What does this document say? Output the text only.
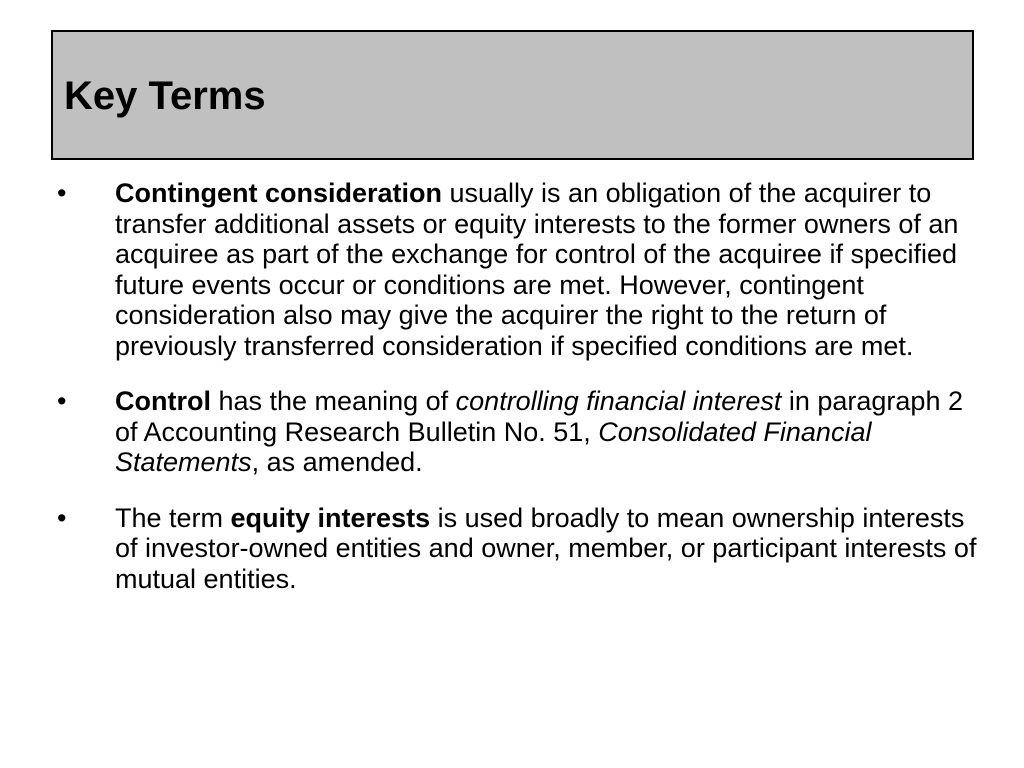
Key Terms
•	Contingent consideration usually is an obligation of the acquirer to transfer additional assets or equity interests to the former owners of an acquiree as part of the exchange for control of the acquiree if specified future events occur or conditions are met. However, contingent consideration also may give the acquirer the right to the return of previously transferred consideration if specified conditions are met.
•	Control has the meaning of controlling financial interest in paragraph 2 of Accounting Research Bulletin No. 51, Consolidated Financial Statements, as amended.
•	The term equity interests is used broadly to mean ownership interests of investor-owned entities and owner, member, or participant interests of mutual entities.
